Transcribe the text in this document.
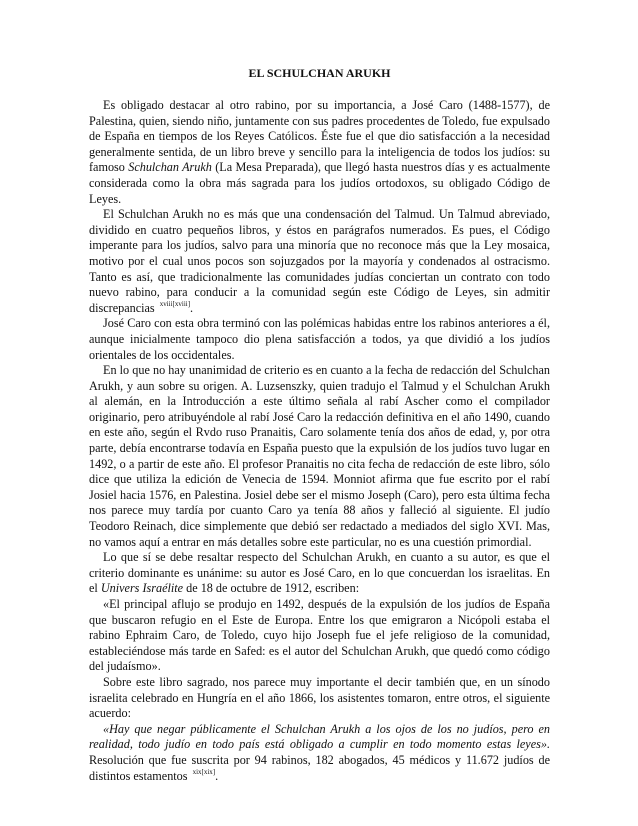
EL SCHULCHAN ARUKH

Es obligado destacar al otro rabino, por su importancia, a José Caro (1488-1577), de Palestina, quien, siendo niño, juntamente con sus padres procedentes de Toledo, fue expulsado de España en tiempos de los Reyes Católicos. Éste fue el que dio satisfacción a la necesidad generalmente sentida, de un libro breve y sencillo para la inteligencia de todos los judíos: su famoso Schulchan Arukh (La Mesa Preparada), que llegó hasta nuestros días y es actualmente considerada como la obra más sagrada para los judíos ortodoxos, su obligado Código de Leyes.

El Schulchan Arukh no es más que una condensación del Talmud. Un Talmud abreviado, dividido en cuatro pequeños libros, y éstos en parágrafos numerados. Es pues, el Código imperante para los judíos, salvo para una minoría que no reconoce más que la Ley mosaica, motivo por el cual unos pocos son sojuzgados por la mayoría y condenados al ostracismo. Tanto es así, que tradicionalmente las comunidades judías conciertan un contrato con todo nuevo rabino, para conducir a la comunidad según este Código de Leyes, sin admitir discrepancias $^{xviii[xviii]}$.

José Caro con esta obra terminó con las polémicas habidas entre los rabinos anteriores a él, aunque inicialmente tampoco dio plena satisfacción a todos, ya que dividió a los judíos orientales de los occidentales.

En lo que no hay unanimidad de criterio es en cuanto a la fecha de redacción del Schulchan Arukh, y aun sobre su origen. A. Luzsenszky, quien tradujo el Talmud y el Schulchan Arukh al alemán, en la Introducción a este último señala al rabí Ascher como el compilador originario, pero atribuyéndole al rabí José Caro la redacción definitiva en el año 1490, cuando en este año, según el Rvdo ruso Pranaitis, Caro solamente tenía dos años de edad, y, por otra parte, debía encontrarse todavía en España puesto que la expulsión de los judíos tuvo lugar en 1492, o a partir de este año. El profesor Pranaitis no cita fecha de redacción de este libro, sólo dice que utiliza la edición de Venecia de 1594. Monniot afirma que fue escrito por el rabí Josiel hacia 1576, en Palestina. Josiel debe ser el mismo Joseph (Caro), pero esta última fecha nos parece muy tardía por cuanto Caro ya tenía 88 años y falleció al siguiente. El judío Teodoro Reinach, dice simplemente que debió ser redactado a mediados del siglo XVI. Mas, no vamos aquí a entrar en más detalles sobre este particular, no es una cuestión primordial.

Lo que sí se debe resaltar respecto del Schulchan Arukh, en cuanto a su autor, es que el criterio dominante es unánime: su autor es José Caro, en lo que concuerdan los israelitas. En el Univers Israélite de 18 de octubre de 1912, escriben:

«El principal aflujo se produjo en 1492, después de la expulsión de los judíos de España que buscaron refugio en el Este de Europa. Entre los que emigraron a Nicópoli estaba el rabino Ephraim Caro, de Toledo, cuyo hijo Joseph fue el jefe religioso de la comunidad, estableciéndose más tarde en Safed: es el autor del Schulchan Arukh, que quedó como código del judaísmo».

Sobre este libro sagrado, nos parece muy importante el decir también que, en un sínodo israelita celebrado en Hungría en el año 1866, los asistentes tomaron, entre otros, el siguiente acuerdo:

«Hay que negar públicamente el Schulchan Arukh a los ojos de los no judíos, pero en realidad, todo judío en todo país está obligado a cumplir en todo momento estas leyes». Resolución que fue suscrita por 94 rabinos, 182 abogados, 45 médicos y 11.672 judíos de distintos estamentos $^{xix[xix]}$.
